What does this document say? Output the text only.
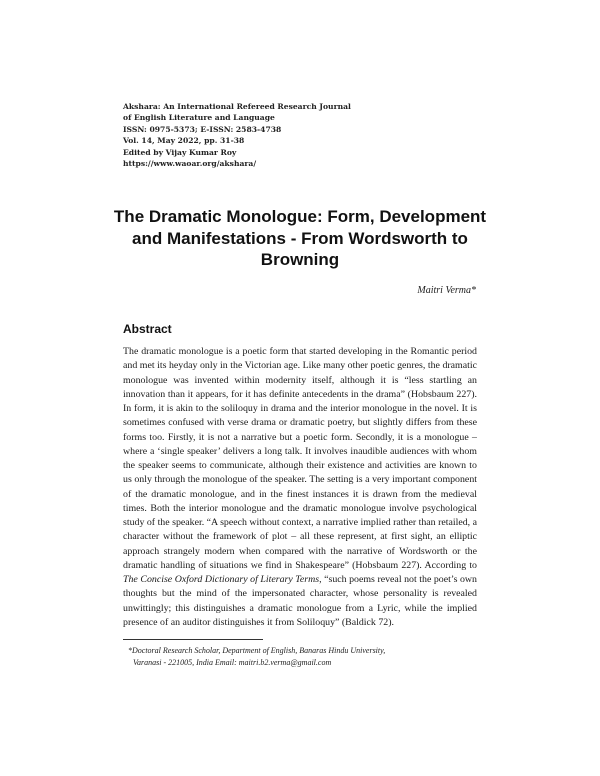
Akshara: An International Refereed Research Journal
of English Literature and Language
ISSN: 0975-5373; E-ISSN: 2583-4738
Vol. 14, May 2022, pp. 31-38
Edited by Vijay Kumar Roy
https://www.waoar.org/akshara/
The Dramatic Monologue: Form, Development and Manifestations - From Wordsworth to Browning
Maitri Verma*
Abstract

The dramatic monologue is a poetic form that started developing in the Romantic period and met its heyday only in the Victorian age. Like many other poetic genres, the dramatic monologue was invented within modernity itself, although it is “less startling an innovation than it appears, for it has definite antecedents in the drama” (Hobsbaum 227). In form, it is akin to the soliloquy in drama and the interior monologue in the novel. It is sometimes confused with verse drama or dramatic poetry, but slightly differs from these forms too. Firstly, it is not a narrative but a poetic form. Secondly, it is a monologue – where a ‘single speaker’ delivers a long talk. It involves inaudible audiences with whom the speaker seems to communicate, although their existence and activities are known to us only through the monologue of the speaker. The setting is a very important component of the dramatic monologue, and in the finest instances it is drawn from the medieval times. Both the interior monologue and the dramatic monologue involve psychological study of the speaker. “A speech without context, a narrative implied rather than retailed, a character without the framework of plot – all these represent, at first sight, an elliptic approach strangely modern when compared with the narrative of Wordsworth or the dramatic handling of situations we find in Shakespeare” (Hobsbaum 227). According to The Concise Oxford Dictionary of Literary Terms, “such poems reveal not the poet’s own thoughts but the mind of the impersonated character, whose personality is revealed unwittingly; this distinguishes a dramatic monologue from a Lyric, while the implied presence of an auditor distinguishes it from Soliloquy” (Baldick 72).

*Doctoral Research Scholar, Department of English, Banaras Hindu University,
Varanasi - 221005, India Email: maitri.b2.verma@gmail.com
